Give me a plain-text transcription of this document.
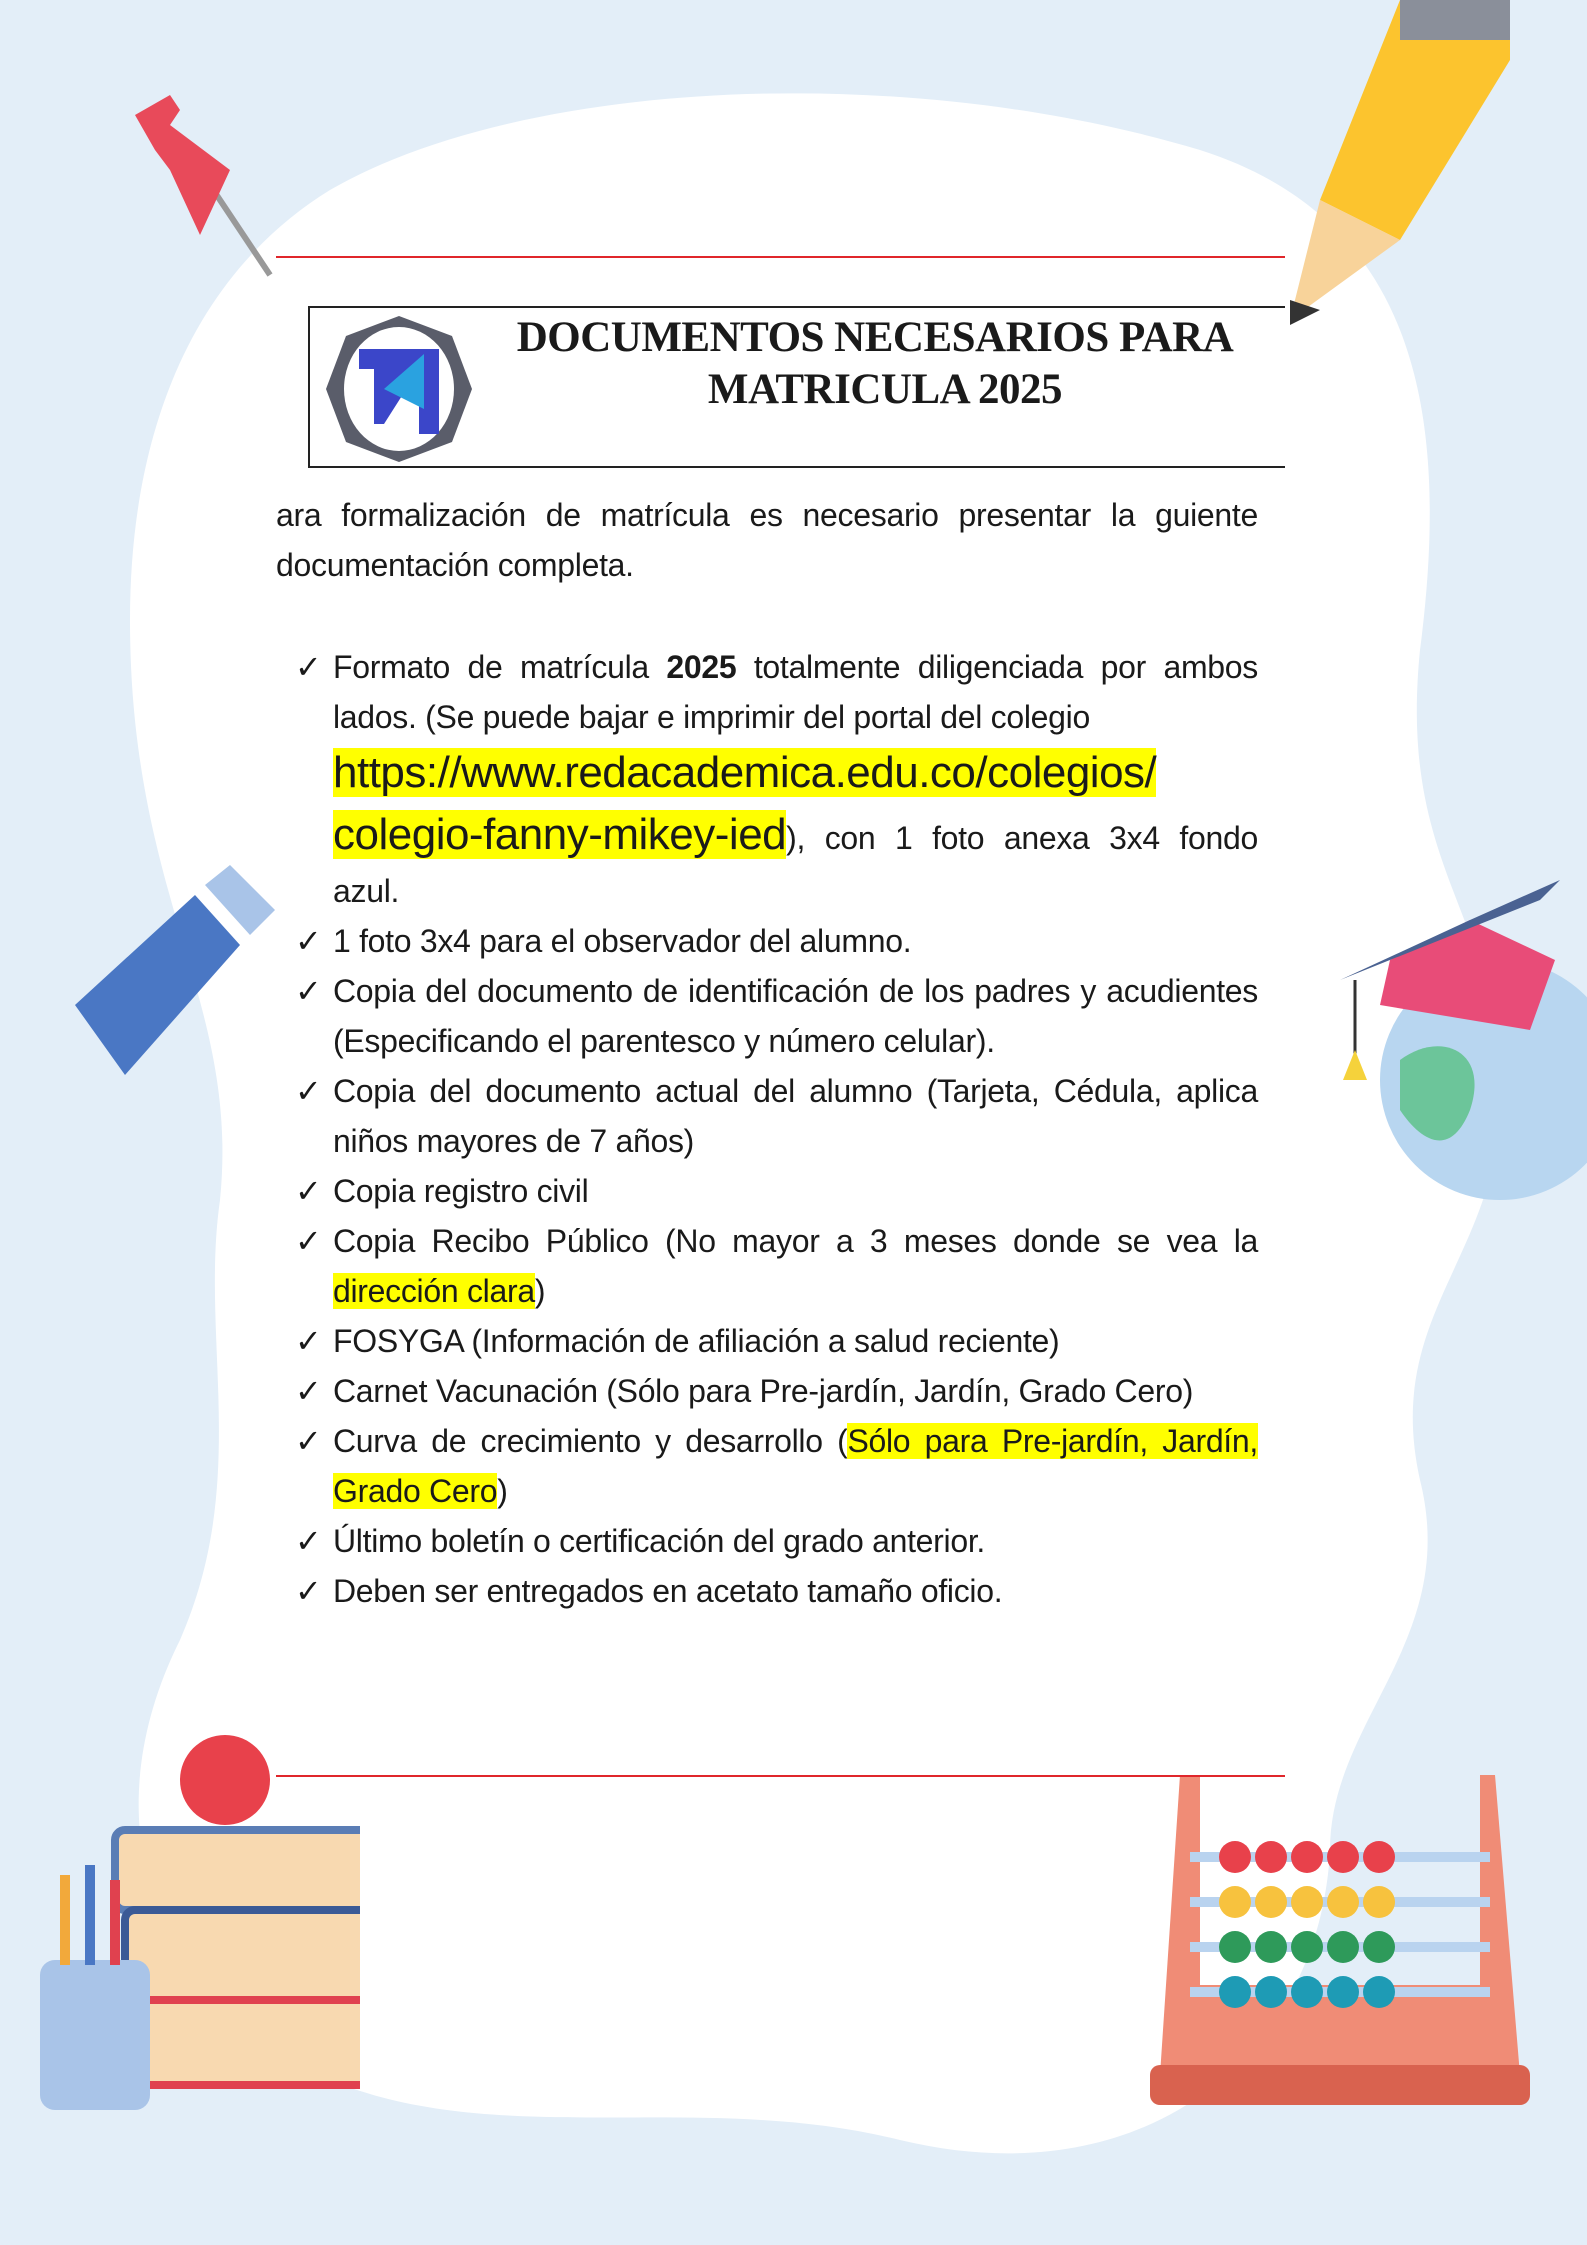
DOCUMENTOS NECESARIOS PARA
MATRICULA 2025
ara formalización de matrícula es necesario presentar la guiente documentación completa.
✓ Formato de matrícula 2025 totalmente diligenciada por ambos lados. (Se puede bajar e imprimir del portal del colegio
https://www.redacademica.edu.co/colegios/ colegio-fanny-mikey-ied), con 1 foto anexa 3x4 fondo azul.
✓ 1 foto 3x4 para el observador del alumno.
✓ Copia del documento de identificación de los padres y acudientes (Especificando el parentesco y número celular).
✓ Copia del documento actual del alumno (Tarjeta, Cédula, aplica niños mayores de 7 años)
✓ Copia registro civil
✓ Copia Recibo Público (No mayor a 3 meses donde se vea la dirección clara)
✓ FOSYGA (Información de afiliación a salud reciente)
✓ Carnet Vacunación (Sólo para Pre-jardín, Jardín, Grado Cero)
✓ Curva de crecimiento y desarrollo (Sólo para Pre-jardín, Jardín, Grado Cero)
✓ Último boletín o certificación del grado anterior.
✓ Deben ser entregados en acetato tamaño oficio.
